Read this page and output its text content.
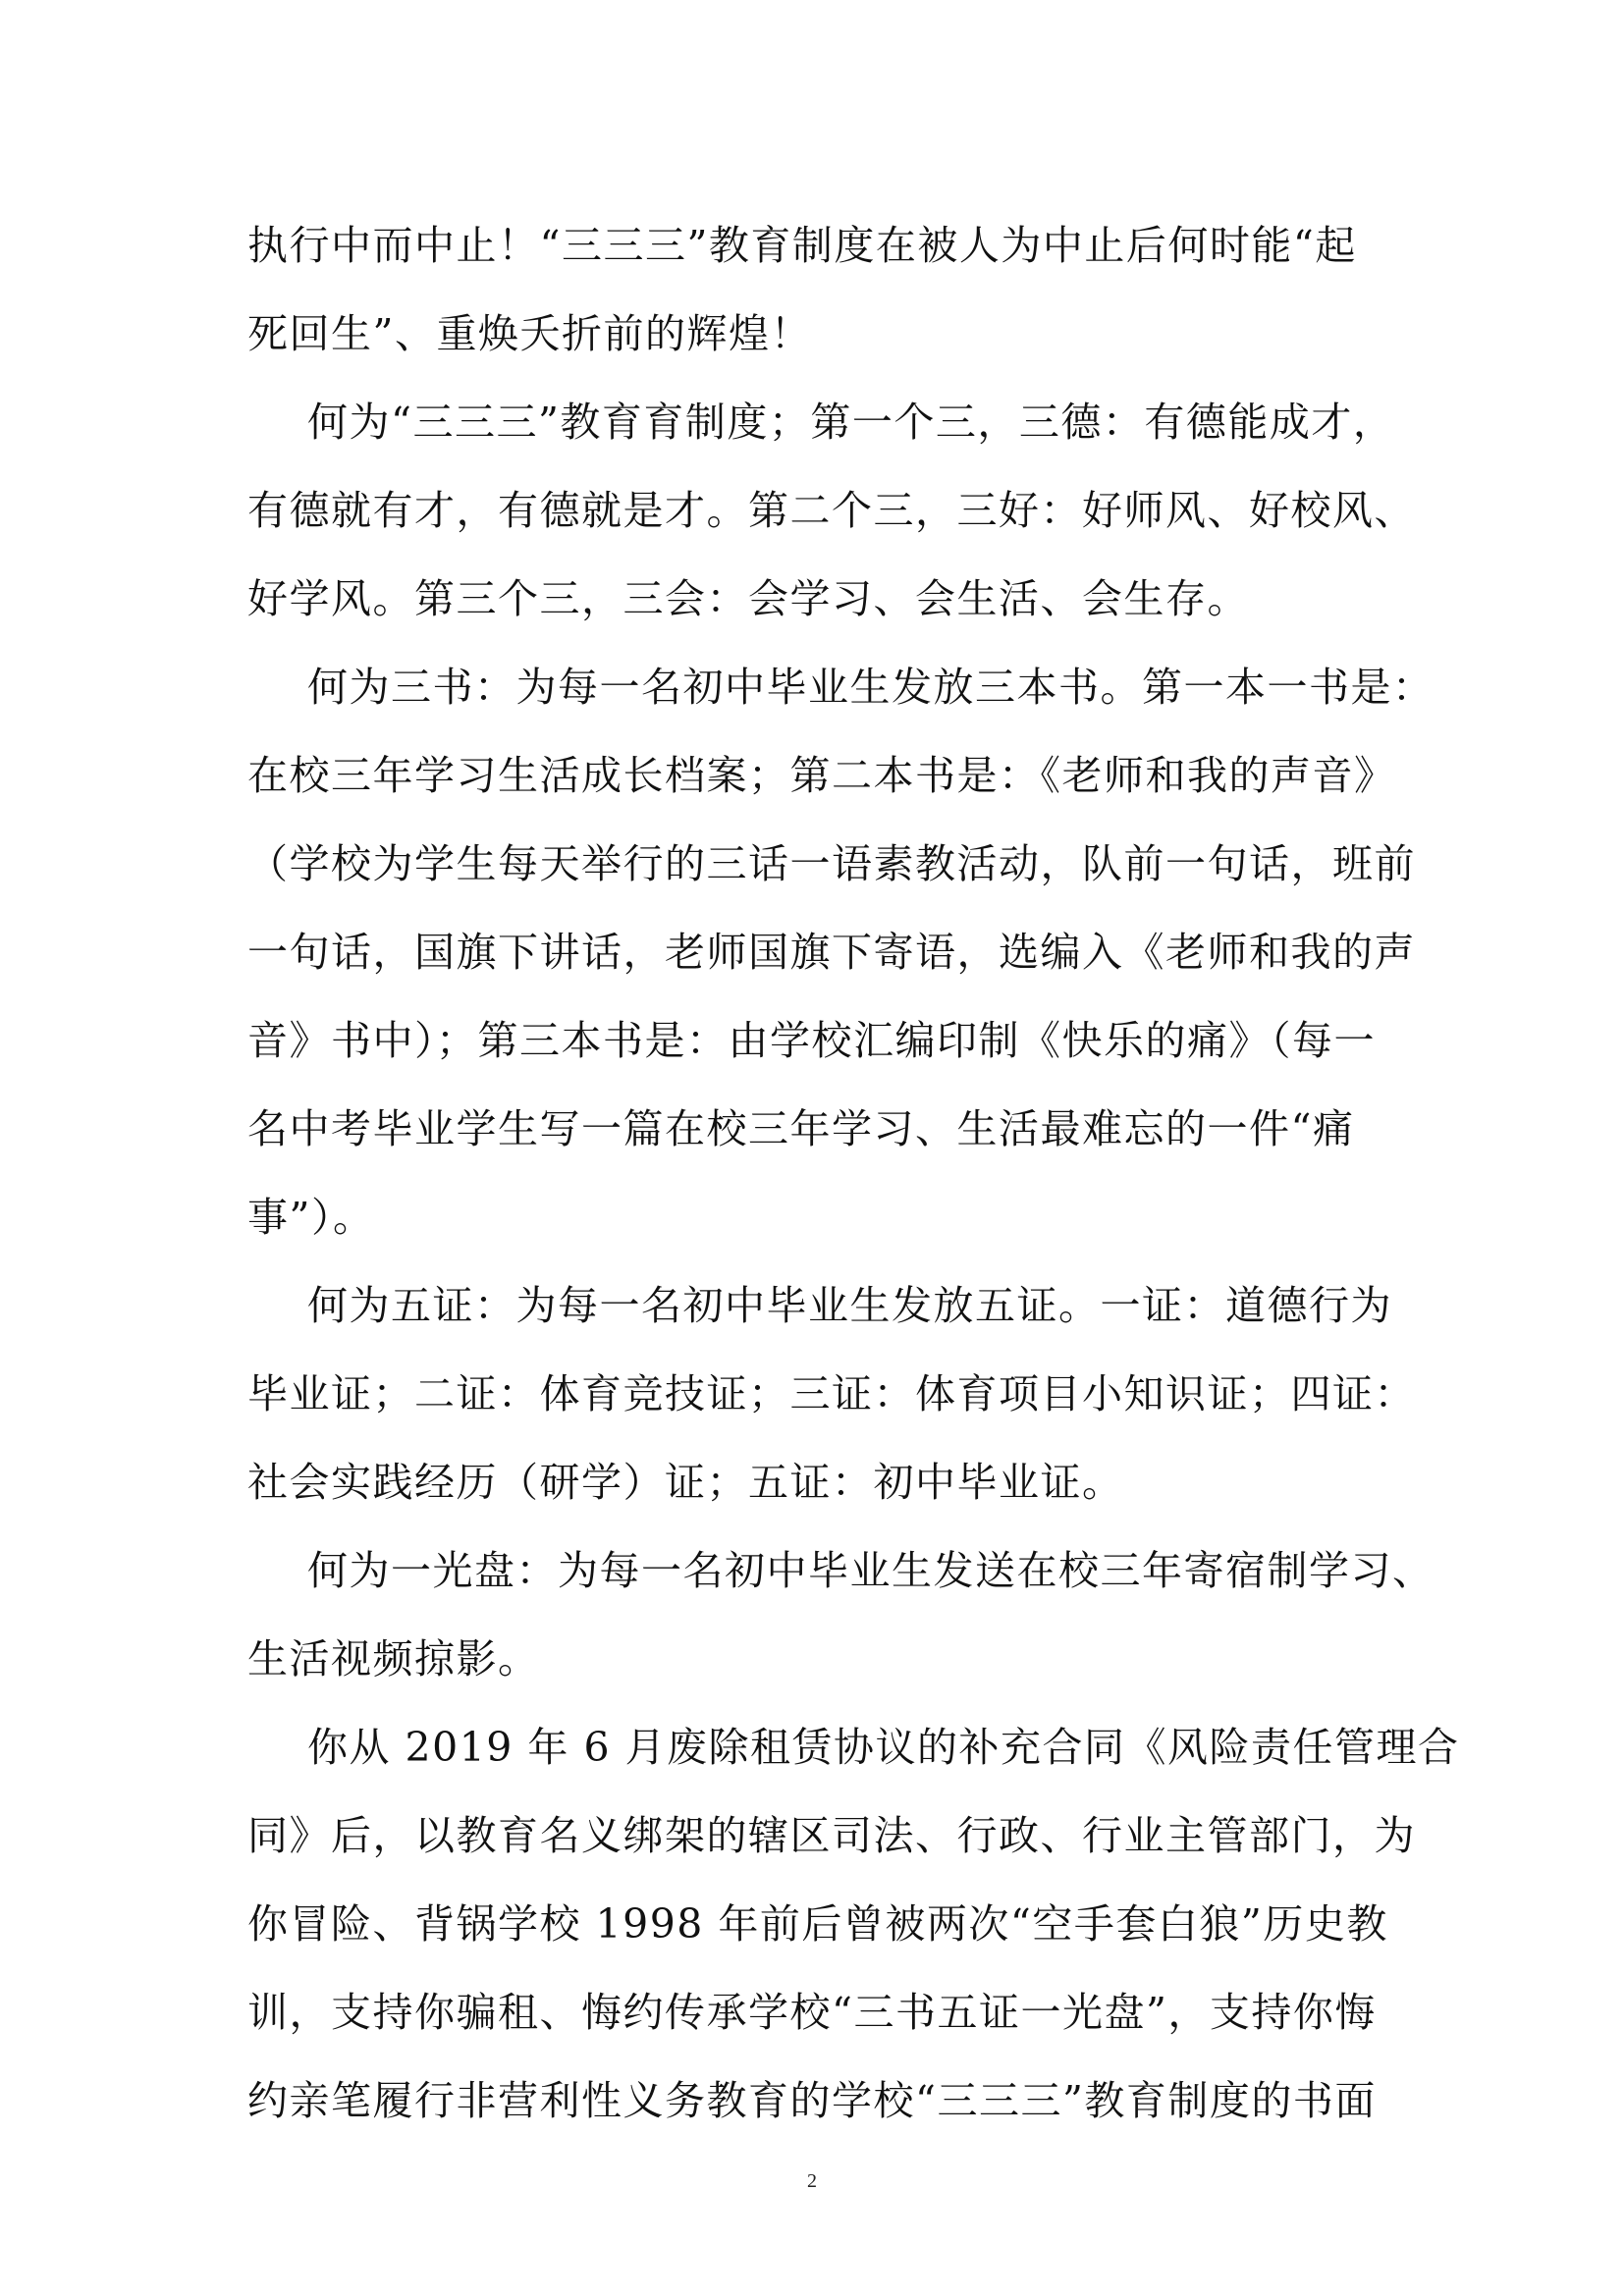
执行中而中止！“三三三”教育制度在被人为中止后何时能“起
死回生”、重焕夭折前的辉煌！
何为“三三三”教育育制度；第一个三，三德：有德能成才，
有德就有才，有德就是才。第二个三，三好：好师风、好校风、
好学风。第三个三，三会：会学习、会生活、会生存。
何为三书：为每一名初中毕业生发放三本书。第一本一书是：
在校三年学习生活成长档案；第二本书是：《老师和我的声音》
（学校为学生每天举行的三话一语素教活动，队前一句话，班前
一句话，国旗下讲话，老师国旗下寄语，选编入《老师和我的声
音》书中）；第三本书是：由学校汇编印制《快乐的痛》（每一
名中考毕业学生写一篇在校三年学习、生活最难忘的一件“痛
事”）。
何为五证：为每一名初中毕业生发放五证。一证：道德行为
毕业证；二证：体育竞技证；三证：体育项目小知识证；四证：
社会实践经历（研学）证；五证：初中毕业证。
何为一光盘：为每一名初中毕业生发送在校三年寄宿制学习、
生活视频掠影。
你从 2019 年 6 月废除租赁协议的补充合同《风险责任管理合
同》后，以教育名义绑架的辖区司法、行政、行业主管部门，为
你冒险、背锅学校 1998 年前后曾被两次“空手套白狼”历史教
训，支持你骗租、悔约传承学校“三书五证一光盘”，支持你悔
约亲笔履行非营利性义务教育的学校“三三三”教育制度的书面
2
